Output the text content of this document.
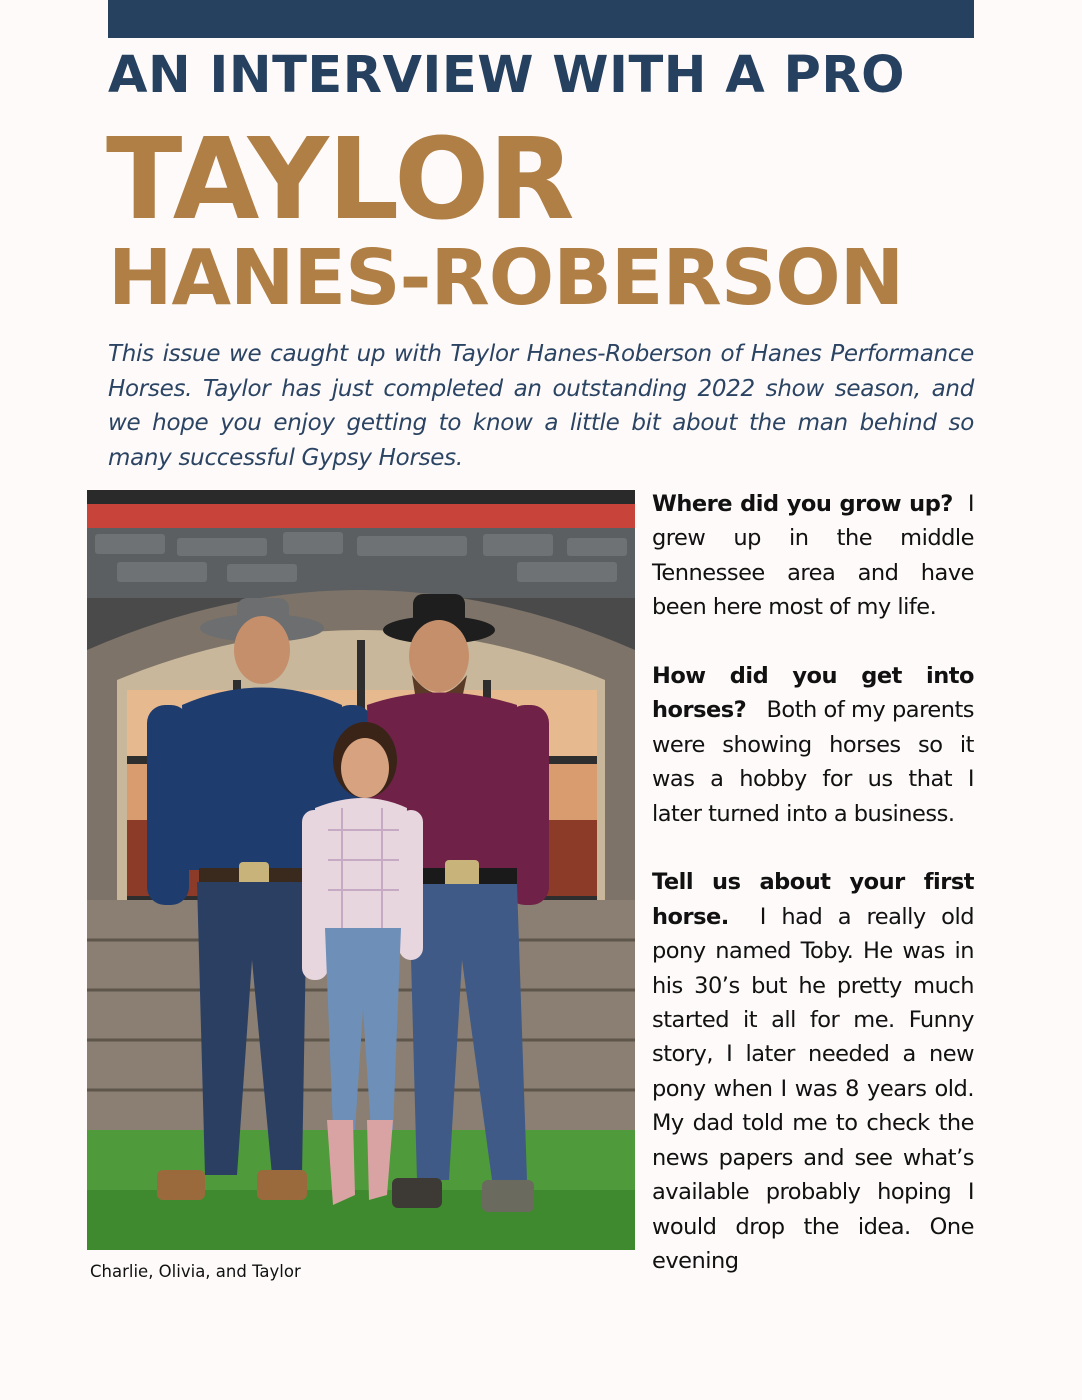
AN INTERVIEW WITH A PRO
TAYLOR
HANES-ROBERSON

This issue we caught up with Taylor Hanes-Roberson of Hanes Performance Horses. Taylor has just completed an outstanding 2022 show season, and we hope you enjoy getting to know a little bit about the man behind so many successful Gypsy Horses.

Charlie, Olivia, and Taylor

Where did you grow up? I grew up in the middle Tennessee area and have been here most of my life.

How did you get into horses? Both of my parents were showing horses so it was a hobby for us that I later turned into a business.

Tell us about your first horse. I had a really old pony named Toby. He was in his 30’s but he pretty much started it all for me. Funny story, I later needed a new pony when I was 8 years old. My dad told me to check the news papers and see what’s available probably hoping I would drop the idea. One evening
